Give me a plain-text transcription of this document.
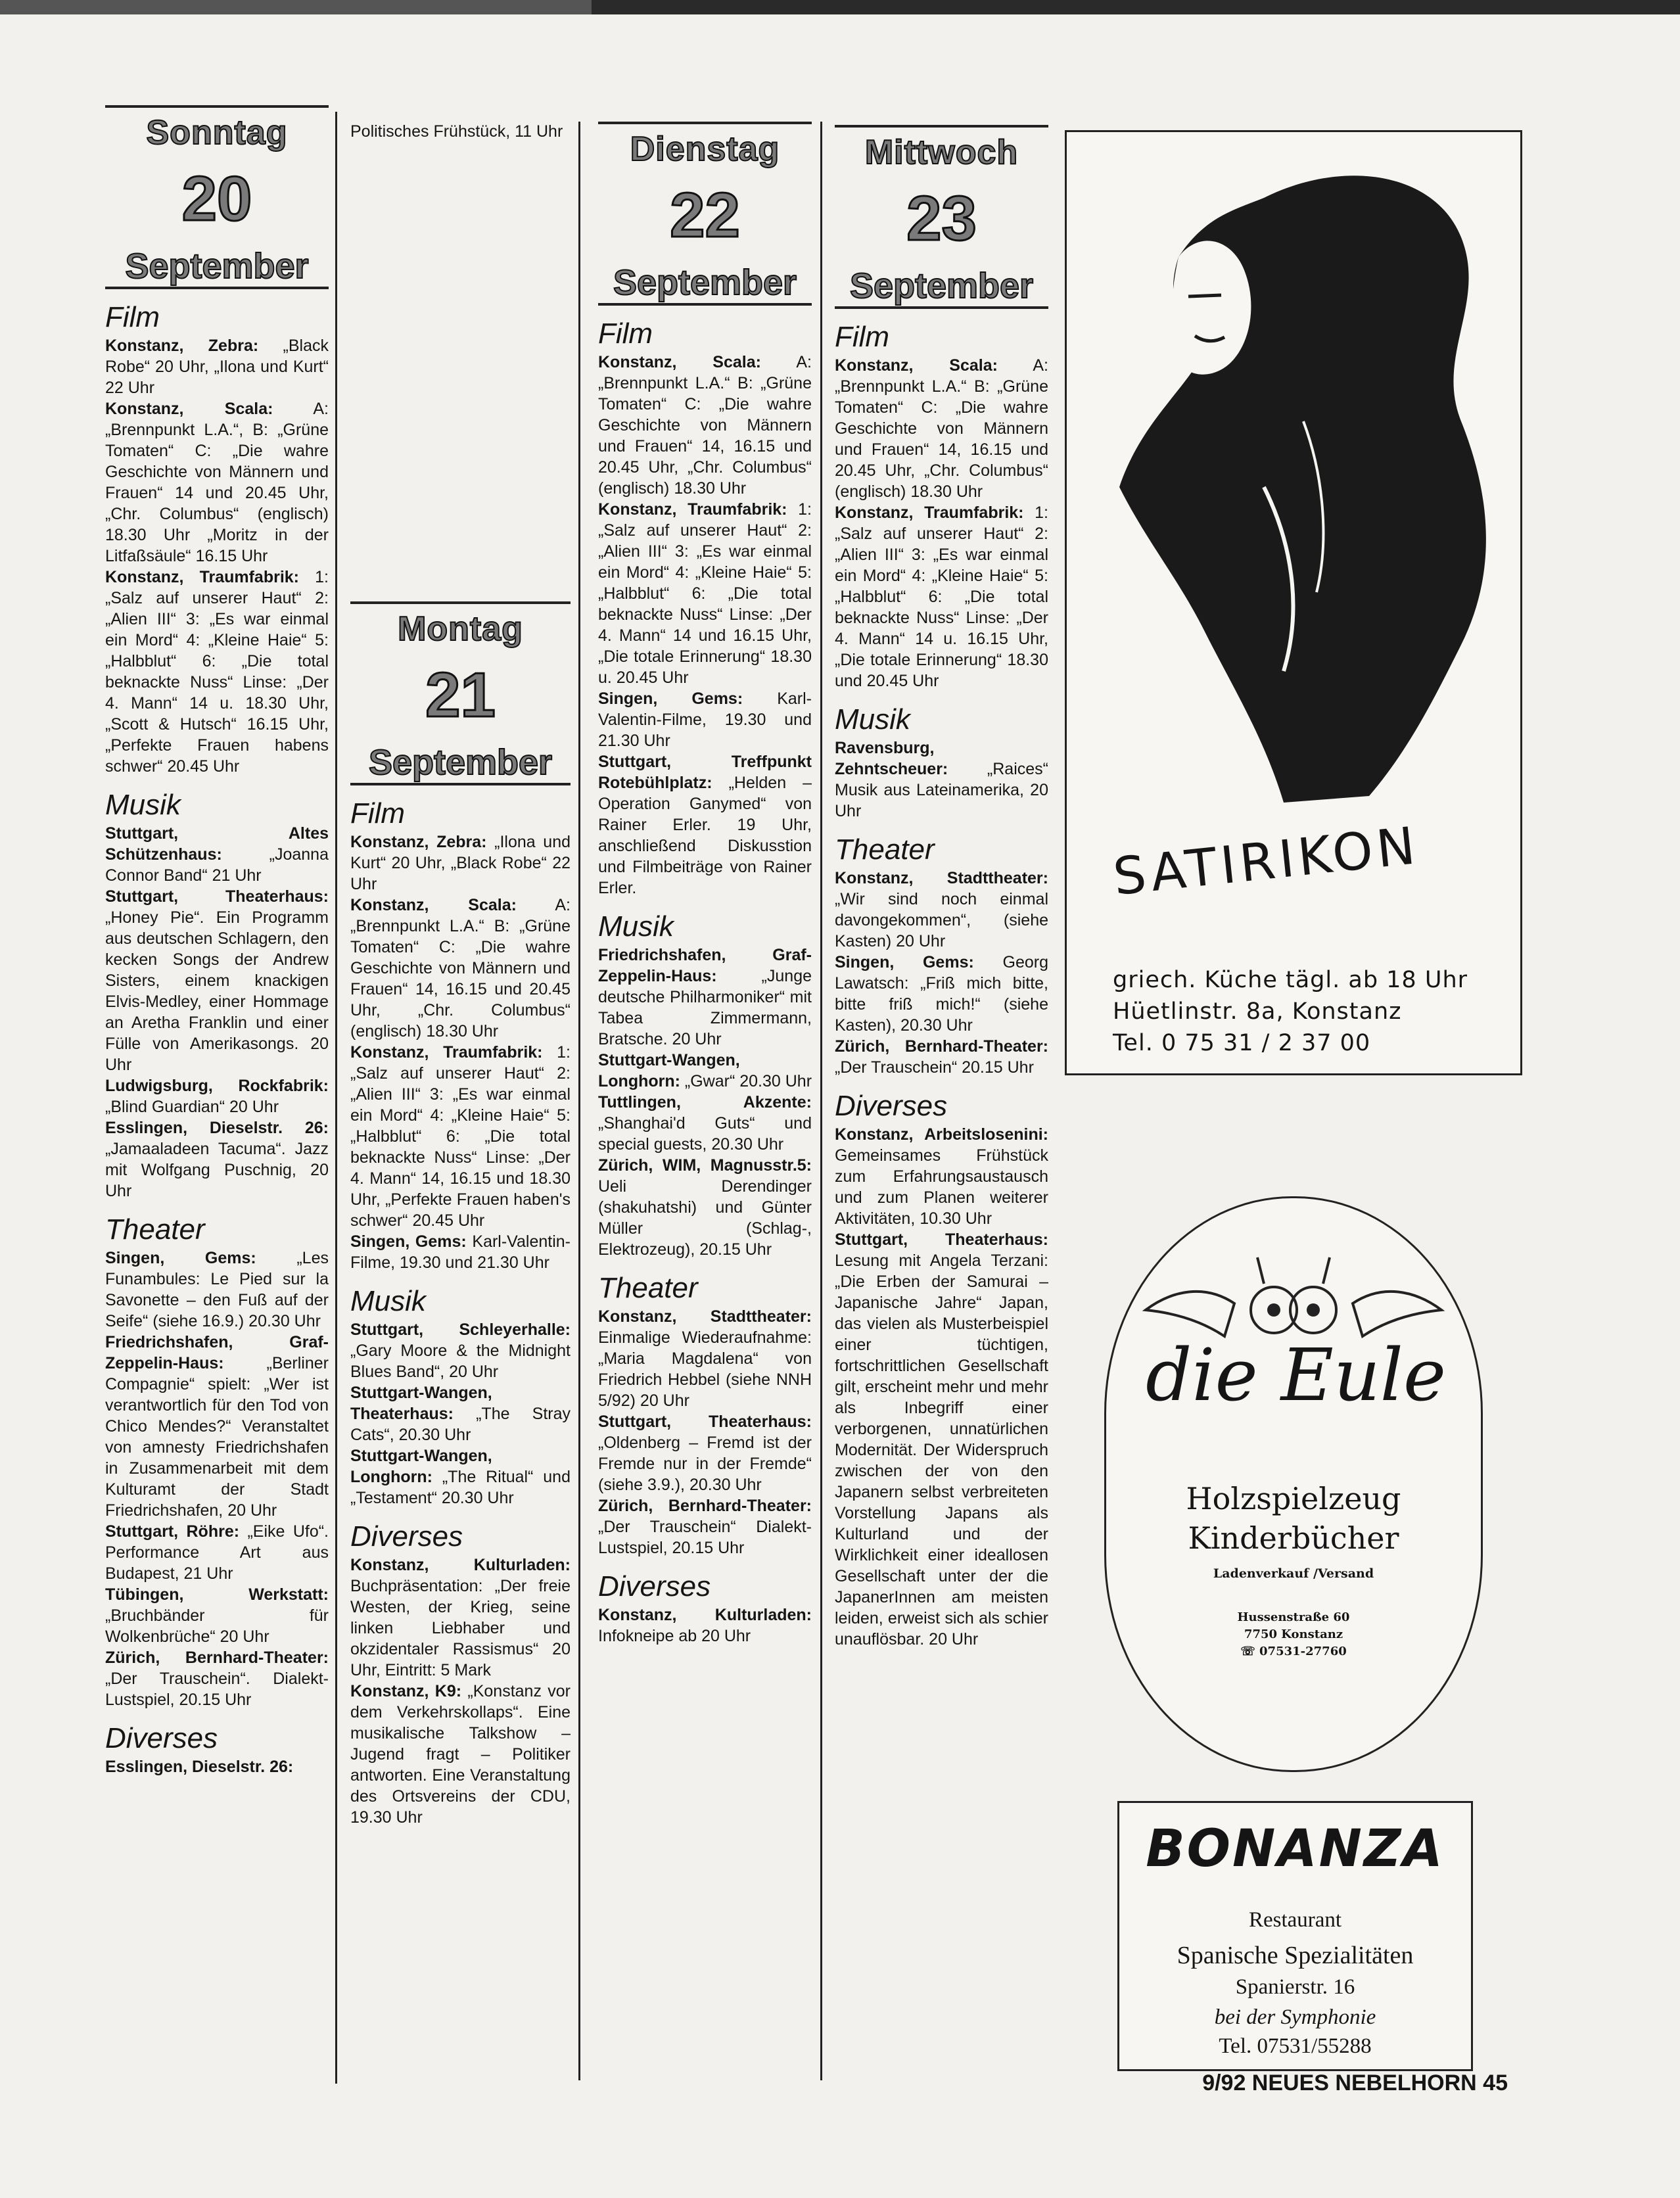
Sonntag
20
September
Film

Konstanz, Zebra: „Black Robe“ 20 Uhr, „Ilona und Kurt“ 22 Uhr

Konstanz, Scala: A: „Brennpunkt L.A.“, B: „Grüne Tomaten“ C: „Die wahre Geschichte von Männern und Frauen“ 14 und 20.45 Uhr, „Chr. Columbus“ (englisch) 18.30 Uhr „Moritz in der Litfaßsäule“ 16.15 Uhr

Konstanz, Traumfabrik: 1: „Salz auf unserer Haut“ 2: „Alien III“ 3: „Es war einmal ein Mord“ 4: „Kleine Haie“ 5: „Halbblut“ 6: „Die total beknackte Nuss“ Linse: „Der 4. Mann“ 14 u. 18.30 Uhr, „Scott & Hutsch“ 16.15 Uhr, „Perfekte Frauen habens schwer“ 20.45 Uhr

Musik

Stuttgart, Altes Schützenhaus: „Joanna Connor Band“ 21 Uhr

Stuttgart, Theaterhaus: „Honey Pie“. Ein Programm aus deutschen Schlagern, den kecken Songs der Andrew Sisters, einem knackigen Elvis-Medley, einer Hommage an Aretha Franklin und einer Fülle von Amerikasongs. 20 Uhr

Ludwigsburg, Rockfabrik: „Blind Guardian“ 20 Uhr

Esslingen, Dieselstr. 26: „Jamaaladeen Tacuma“. Jazz mit Wolfgang Puschnig, 20 Uhr

Theater

Singen, Gems: „Les Funambules: Le Pied sur la Savonette – den Fuß auf der Seife“ (siehe 16.9.) 20.30 Uhr

Friedrichshafen, Graf-Zeppelin-Haus: „Berliner Compagnie“ spielt: „Wer ist verantwortlich für den Tod von Chico Mendes?“ Veranstaltet von amnesty Friedrichshafen in Zusammenarbeit mit dem Kulturamt der Stadt Friedrichshafen, 20 Uhr

Stuttgart, Röhre: „Eike Ufo“. Performance Art aus Budapest, 21 Uhr

Tübingen, Werkstatt: „Bruchbänder für Wolkenbrüche“ 20 Uhr

Zürich, Bernhard-Theater: „Der Trauschein“. Dialekt-Lustspiel, 20.15 Uhr

Diverses

Esslingen, Dieselstr. 26:

Politisches Frühstück, 11 Uhr

Montag
21
September
Film

Konstanz, Zebra: „Ilona und Kurt“ 20 Uhr, „Black Robe“ 22 Uhr

Konstanz, Scala: A: „Brennpunkt L.A.“ B: „Grüne Tomaten“ C: „Die wahre Geschichte von Männern und Frauen“ 14, 16.15 und 20.45 Uhr, „Chr. Columbus“ (englisch) 18.30 Uhr

Konstanz, Traumfabrik: 1: „Salz auf unserer Haut“ 2: „Alien III“ 3: „Es war einmal ein Mord“ 4: „Kleine Haie“ 5: „Halbblut“ 6: „Die total beknackte Nuss“ Linse: „Der 4. Mann“ 14, 16.15 und 18.30 Uhr, „Perfekte Frauen haben's schwer“ 20.45 Uhr

Singen, Gems: Karl-Valentin-Filme, 19.30 und 21.30 Uhr

Musik

Stuttgart, Schleyerhalle: „Gary Moore & the Midnight Blues Band“, 20 Uhr

Stuttgart-Wangen, Theaterhaus: „The Stray Cats“, 20.30 Uhr

Stuttgart-Wangen, Longhorn: „The Ritual“ und „Testament“ 20.30 Uhr

Diverses

Konstanz, Kulturladen: Buchpräsentation: „Der freie Westen, der Krieg, seine linken Liebhaber und okzidentaler Rassismus“ 20 Uhr, Eintritt: 5 Mark

Konstanz, K9: „Konstanz vor dem Verkehrskollaps“. Eine musikalische Talkshow – Jugend fragt – Politiker antworten. Eine Veranstaltung des Ortsvereins der CDU, 19.30 Uhr

Dienstag
22
September
Film

Konstanz, Scala: A: „Brennpunkt L.A.“ B: „Grüne Tomaten“ C: „Die wahre Geschichte von Männern und Frauen“ 14, 16.15 und 20.45 Uhr, „Chr. Columbus“ (englisch) 18.30 Uhr

Konstanz, Traumfabrik: 1: „Salz auf unserer Haut“ 2: „Alien III“ 3: „Es war einmal ein Mord“ 4: „Kleine Haie“ 5: „Halbblut“ 6: „Die total beknackte Nuss“ Linse: „Der 4. Mann“ 14 und 16.15 Uhr, „Die totale Erinnerung“ 18.30 u. 20.45 Uhr

Singen, Gems: Karl-Valentin-Filme, 19.30 und 21.30 Uhr

Stuttgart, Treffpunkt Rotebühlplatz: „Helden – Operation Ganymed“ von Rainer Erler. 19 Uhr, anschließend Diskusstion und Filmbeiträge von Rainer Erler.

Musik

Friedrichshafen, Graf-Zeppelin-Haus: „Junge deutsche Philharmoniker“ mit Tabea Zimmermann, Bratsche. 20 Uhr

Stuttgart-Wangen, Longhorn: „Gwar“ 20.30 Uhr

Tuttlingen, Akzente: „Shanghai'd Guts“ und special guests, 20.30 Uhr

Zürich, WIM, Magnusstr.5: Ueli Derendinger (shakuhatshi) und Günter Müller (Schlag-, Elektrozeug), 20.15 Uhr

Theater

Konstanz, Stadttheater: Einmalige Wiederaufnahme: „Maria Magdalena“ von Friedrich Hebbel (siehe NNH 5/92) 20 Uhr

Stuttgart, Theaterhaus: „Oldenberg – Fremd ist der Fremde nur in der Fremde“ (siehe 3.9.), 20.30 Uhr

Zürich, Bernhard-Theater: „Der Trauschein“ Dialekt-Lustspiel, 20.15 Uhr

Diverses

Konstanz, Kulturladen: Infokneipe ab 20 Uhr

Mittwoch
23
September
Film

Konstanz, Scala: A: „Brennpunkt L.A.“ B: „Grüne Tomaten“ C: „Die wahre Geschichte von Männern und Frauen“ 14, 16.15 und 20.45 Uhr, „Chr. Columbus“ (englisch) 18.30 Uhr

Konstanz, Traumfabrik: 1: „Salz auf unserer Haut“ 2: „Alien III“ 3: „Es war einmal ein Mord“ 4: „Kleine Haie“ 5: „Halbblut“ 6: „Die total beknackte Nuss“ Linse: „Der 4. Mann“ 14 u. 16.15 Uhr, „Die totale Erinnerung“ 18.30 und 20.45 Uhr

Musik

Ravensburg, Zehntscheuer: „Raices“ Musik aus Lateinamerika, 20 Uhr

Theater

Konstanz, Stadttheater: „Wir sind noch einmal davongekommen“, (siehe Kasten) 20 Uhr

Singen, Gems: Georg Lawatsch: „Friß mich bitte, bitte friß mich!“ (siehe Kasten), 20.30 Uhr

Zürich, Bernhard-Theater: „Der Trauschein“ 20.15 Uhr

Diverses

Konstanz, Arbeitslosenini: Gemeinsames Frühstück zum Erfahrungsaustausch und zum Planen weiterer Aktivitäten, 10.30 Uhr

Stuttgart, Theaterhaus: Lesung mit Angela Terzani: „Die Erben der Samurai – Japanische Jahre“ Japan, das vielen als Musterbeispiel einer tüchtigen, fortschrittlichen Gesellschaft gilt, erscheint mehr und mehr als Inbegriff einer verborgenen, unnatürlichen Modernität. Der Widerspruch zwischen der von den Japanern selbst verbreiteten Vorstellung Japans als Kulturland und der Wirklichkeit einer ideallosen Gesellschaft unter der die JapanerInnen am meisten leiden, erweist sich als schier unauflösbar. 20 Uhr

SATIRIKON
griech. Küche tägl. ab 18 Uhr
Hüetlinstr. 8a, Konstanz
Tel. 0 75 31 / 2 37 00
die Eule
Holzspielzeug
Kinderbücher
Ladenverkauf /Versand
Hussenstraße 60
7750 Konstanz
☏ 07531-27760
BONANZA
Restaurant
Spanische Spezialitäten
Spanierstr. 16
bei der Symphonie
Tel. 07531/55288
9/92 NEUES NEBELHORN 45
